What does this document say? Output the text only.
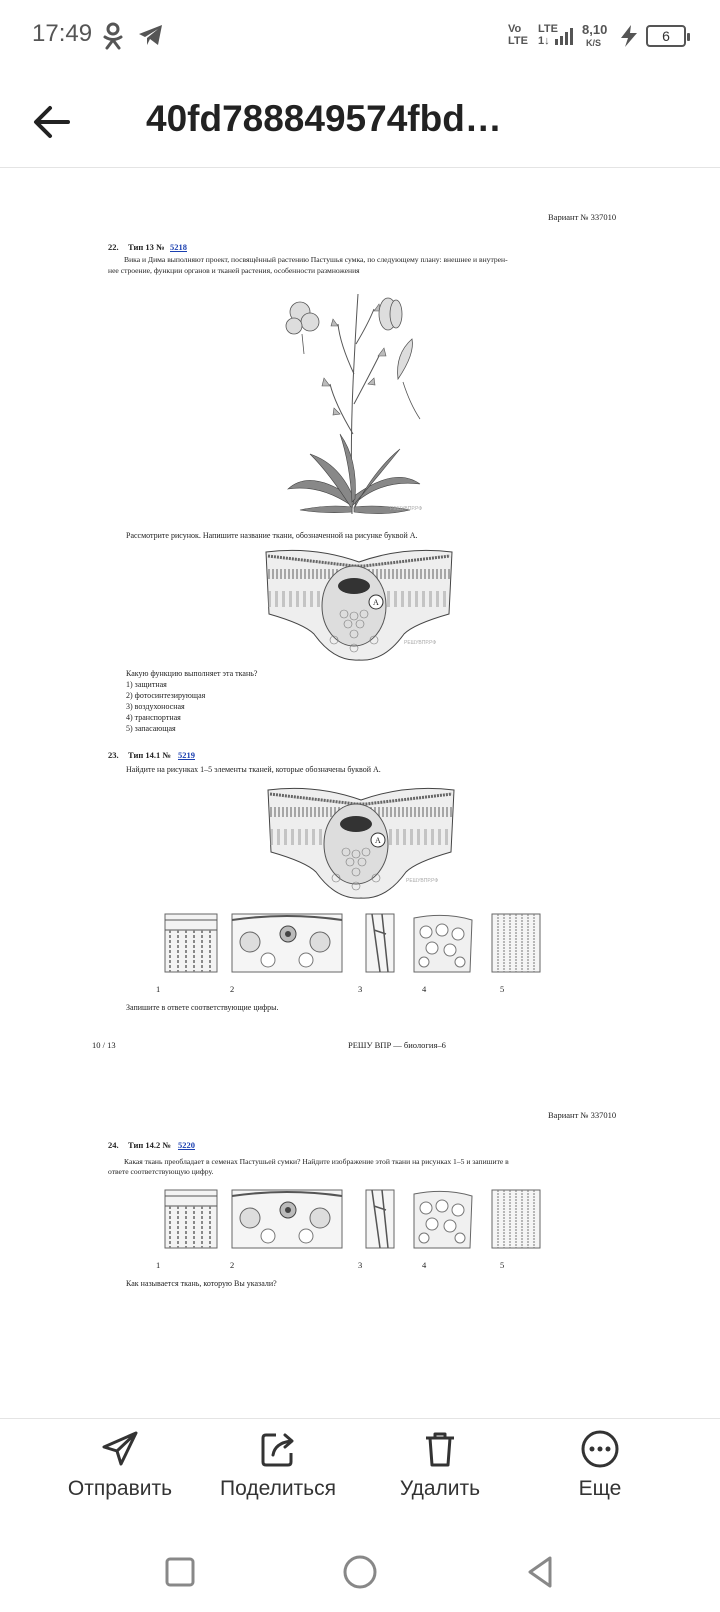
17:49	Vo
LTE
LTE
1↓
8,10
K/S	6
40fd788849574fbd…
Вариант № 337010
22. Тип 13 № 5218
Вика и Дима выполняют проект, посвящённый растению Пастушья сумка, по следующему плану: внешнее и внутрен-
нее строение, функции органов и тканей растения, особенности размножения
РЕШУВПР.РФ
Рассмотрите рисунок. Напишите название ткани, обозначенной на рисунке буквой А.
А
РЕШУВПР.РФ
Какую функцию выполняет эта ткань?
1) защитная
2) фотосинтезирующая
3) воздухоносная
4) транспортная
5) запасающая
23. Тип 14.1 № 5219
Найдите на рисунках 1–5 элементы тканей, которые обозначены буквой А.
А
РЕШУВПР.РФ
1	2	3	4	5
Запишите в ответе соответствующие цифры.
10 / 13	РЕШУ ВПР — биология–6
Вариант № 337010
24. Тип 14.2 № 5220
Какая ткань преобладает в семенах Пастушьей сумки? Найдите изображение этой ткани на рисунках 1–5 и запишите в
ответе соответствующую цифру.
1	2	3	4	5
Как называется ткань, которую Вы указали?
Отправить	Поделиться	Удалить	Еще
